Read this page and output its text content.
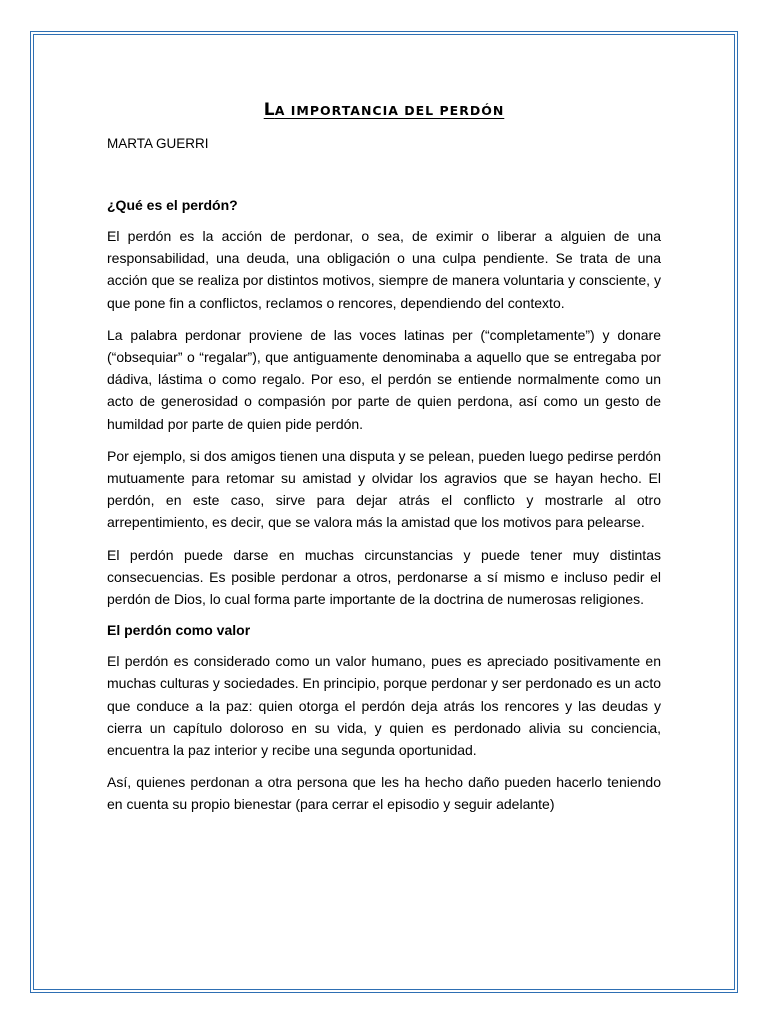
LA IMPORTANCIA DEL PERDÓN

MARTA GUERRI

¿Qué es el perdón?

El perdón es la acción de perdonar, o sea, de eximir o liberar a alguien de una responsabilidad, una deuda, una obligación o una culpa pendiente. Se trata de una acción que se realiza por distintos motivos, siempre de manera voluntaria y consciente, y que pone fin a conflictos, reclamos o rencores, dependiendo del contexto.

La palabra perdonar proviene de las voces latinas per (“completamente”) y donare (“obsequiar” o “regalar”), que antiguamente denominaba a aquello que se entregaba por dádiva, lástima o como regalo. Por eso, el perdón se entiende normalmente como un acto de generosidad o compasión por parte de quien perdona, así como un gesto de humildad por parte de quien pide perdón.

Por ejemplo, si dos amigos tienen una disputa y se pelean, pueden luego pedirse perdón mutuamente para retomar su amistad y olvidar los agravios que se hayan hecho. El perdón, en este caso, sirve para dejar atrás el conflicto y mostrarle al otro arrepentimiento, es decir, que se valora más la amistad que los motivos para pelearse.

El perdón puede darse en muchas circunstancias y puede tener muy distintas consecuencias. Es posible perdonar a otros, perdonarse a sí mismo e incluso pedir el perdón de Dios, lo cual forma parte importante de la doctrina de numerosas religiones.

El perdón como valor

El perdón es considerado como un valor humano, pues es apreciado positivamente en muchas culturas y sociedades. En principio, porque perdonar y ser perdonado es un acto que conduce a la paz: quien otorga el perdón deja atrás los rencores y las deudas y cierra un capítulo doloroso en su vida, y quien es perdonado alivia su conciencia, encuentra la paz interior y recibe una segunda oportunidad.

Así, quienes perdonan a otra persona que les ha hecho daño pueden hacerlo teniendo en cuenta su propio bienestar (para cerrar el episodio y seguir adelante)
